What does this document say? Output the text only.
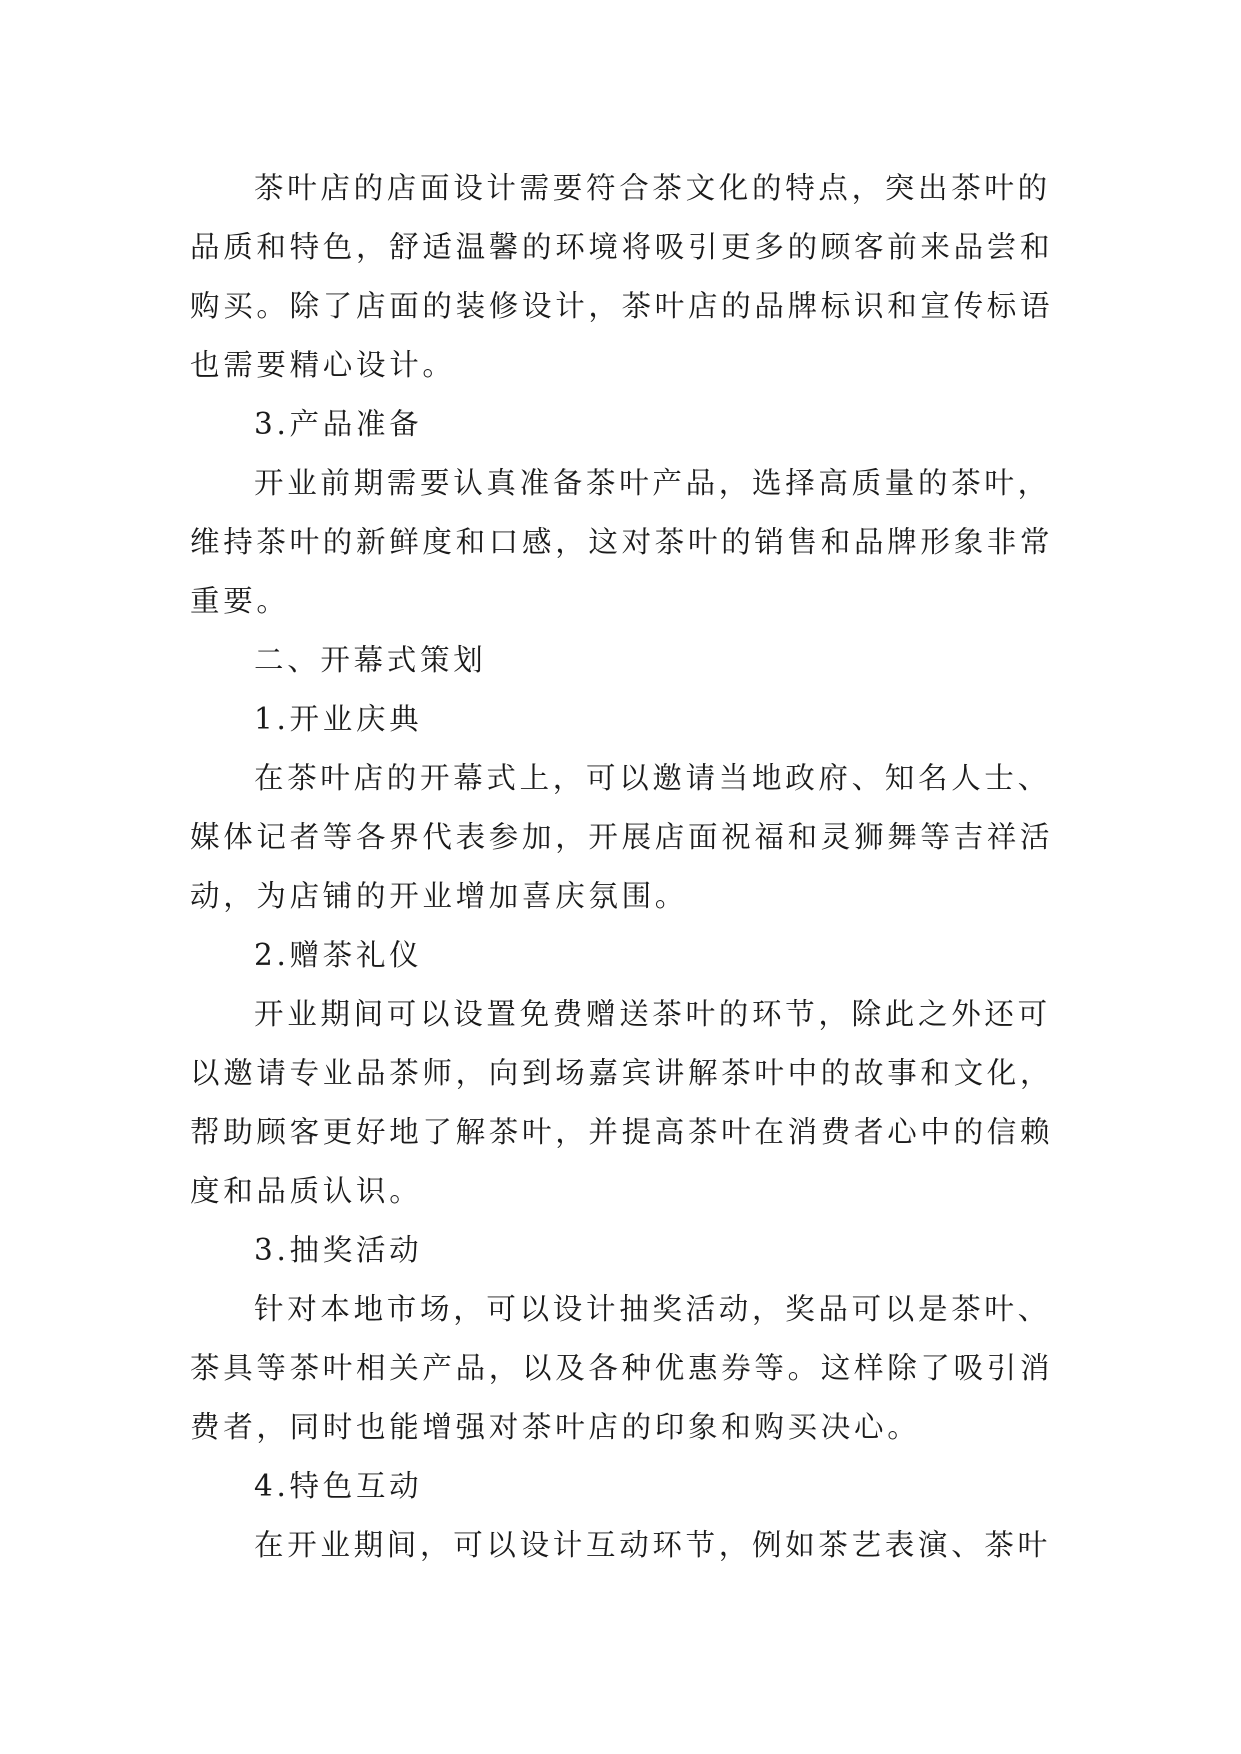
茶叶店的店面设计需要符合茶文化的特点，突出茶叶的品质和特色，舒适温馨的环境将吸引更多的顾客前来品尝和购买。除了店面的装修设计，茶叶店的品牌标识和宣传标语也需要精心设计。

3.产品准备

开业前期需要认真准备茶叶产品，选择高质量的茶叶，维持茶叶的新鲜度和口感，这对茶叶的销售和品牌形象非常重要。

二、开幕式策划

1.开业庆典

在茶叶店的开幕式上，可以邀请当地政府、知名人士、媒体记者等各界代表参加，开展店面祝福和灵狮舞等吉祥活动，为店铺的开业增加喜庆氛围。

2.赠茶礼仪

开业期间可以设置免费赠送茶叶的环节，除此之外还可以邀请专业品茶师，向到场嘉宾讲解茶叶中的故事和文化，帮助顾客更好地了解茶叶，并提高茶叶在消费者心中的信赖度和品质认识。

3.抽奖活动

针对本地市场，可以设计抽奖活动，奖品可以是茶叶、茶具等茶叶相关产品，以及各种优惠券等。这样除了吸引消费者，同时也能增强对茶叶店的印象和购买决心。

4.特色互动

在开业期间，可以设计互动环节，例如茶艺表演、茶叶
